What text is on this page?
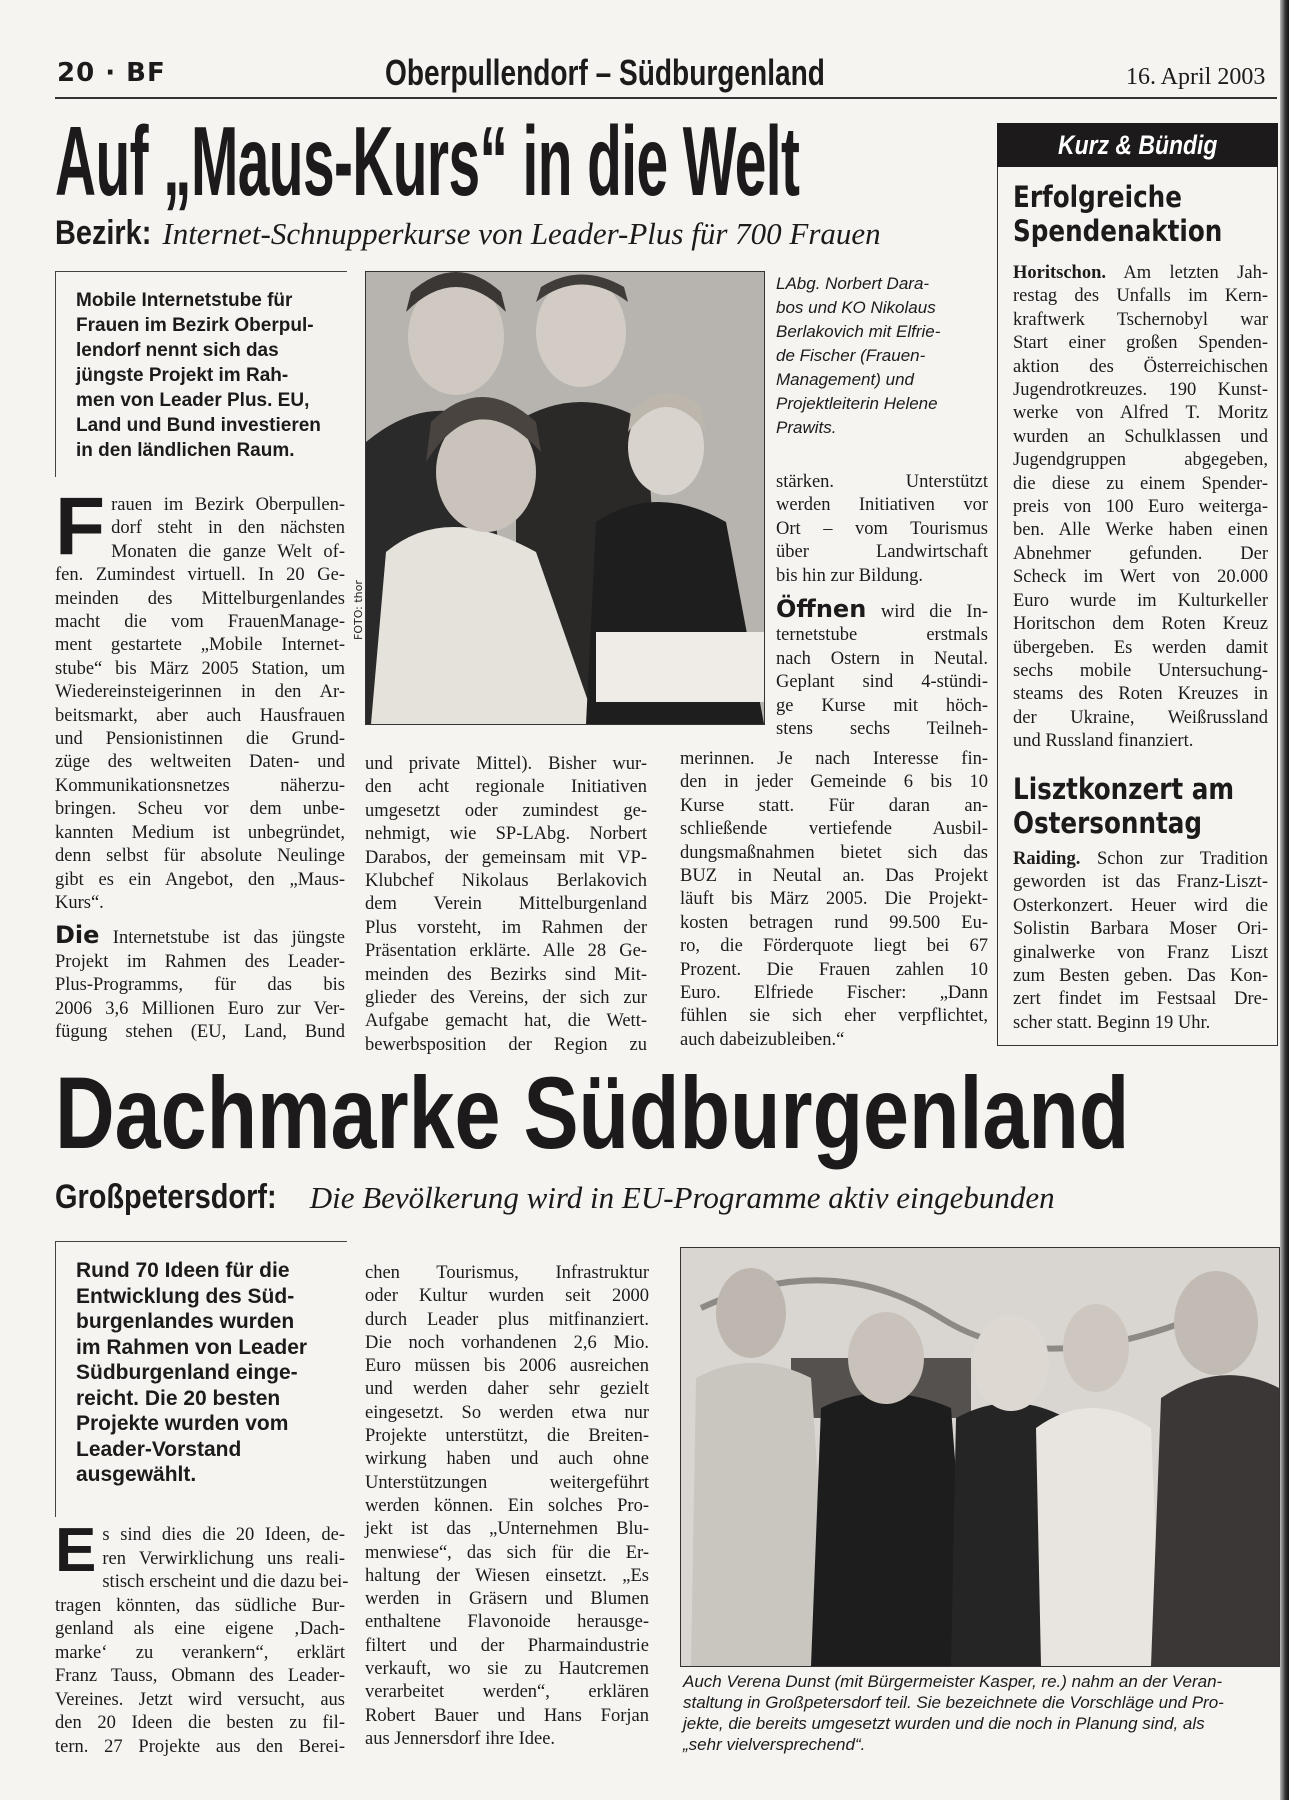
20 · BF	Oberpullendorf – Südburgenland	16. April 2003
Auf „Maus-Kurs“ in die Welt
Bezirk: Internet-Schnupperkurse von Leader-Plus für 700 Frauen
Mobile Internetstube für
Frauen im Bezirk Oberpul-
lendorf nennt sich das
jüngste Projekt im Rah-
men von Leader Plus. EU,
Land und Bund investieren
in den ländlichen Raum.
F rauen im Bezirk Oberpullen-
dorf steht in den nächsten
Monaten die ganze Welt of-
fen. Zumindest virtuell. In 20 Ge-
meinden des Mittelburgenlandes
macht die vom FrauenManage-
ment gestartete „Mobile Internet-
stube“ bis März 2005 Station, um
Wiedereinsteigerinnen in den Ar-
beitsmarkt, aber auch Hausfrauen
und Pensionistinnen die Grund-
züge des weltweiten Daten- und
Kommunikationsnetzes näherzu-
bringen. Scheu vor dem unbe-
kannten Medium ist unbegründet,
denn selbst für absolute Neulinge
gibt es ein Angebot, den „Maus-
Kurs“.
Die Internetstube ist das jüngste
Projekt im Rahmen des Leader-
Plus-Programms, für das bis
2006 3,6 Millionen Euro zur Ver-
fügung stehen (EU, Land, Bund
FOTO: thor
LAbg. Norbert Dara-
bos und KO Nikolaus
Berlakovich mit Elfrie-
de Fischer (Frauen-
Management) und
Projektleiterin Helene
Prawits.
und private Mittel). Bisher wur-
den acht regionale Initiativen
umgesetzt oder zumindest ge-
nehmigt, wie SP-LAbg. Norbert
Darabos, der gemeinsam mit VP-
Klubchef Nikolaus Berlakovich
dem Verein Mittelburgenland
Plus vorsteht, im Rahmen der
Präsentation erklärte. Alle 28 Ge-
meinden des Bezirks sind Mit-
glieder des Vereins, der sich zur
Aufgabe gemacht hat, die Wett-
bewerbsposition der Region zu
stärken. Unterstützt
werden Initiativen vor
Ort – vom Tourismus
über Landwirtschaft
bis hin zur Bildung.
Öffnen wird die In-
ternetstube erstmals
nach Ostern in Neutal.
Geplant sind 4-stündi-
ge Kurse mit höch-
stens sechs Teilneh-
merinnen. Je nach Interesse fin-
den in jeder Gemeinde 6 bis 10
Kurse statt. Für daran an-
schließende vertiefende Ausbil-
dungsmaßnahmen bietet sich das
BUZ in Neutal an. Das Projekt
läuft bis März 2005. Die Projekt-
kosten betragen rund 99.500 Eu-
ro, die Förderquote liegt bei 67
Prozent. Die Frauen zahlen 10
Euro. Elfriede Fischer: „Dann
fühlen sie sich eher verpflichtet,
auch dabeizubleiben.“
Kurz & Bündig
Erfolgreiche
Spendenaktion
Horitschon. Am letzten Jah-
restag des Unfalls im Kern-
kraftwerk Tschernobyl war
Start einer großen Spenden-
aktion des Österreichischen
Jugendrotkreuzes. 190 Kunst-
werke von Alfred T. Moritz
wurden an Schulklassen und
Jugendgruppen abgegeben,
die diese zu einem Spender-
preis von 100 Euro weiterga-
ben. Alle Werke haben einen
Abnehmer gefunden. Der
Scheck im Wert von 20.000
Euro wurde im Kulturkeller
Horitschon dem Roten Kreuz
übergeben. Es werden damit
sechs mobile Untersuchung-
steams des Roten Kreuzes in
der Ukraine, Weißrussland
und Russland finanziert.
Lisztkonzert am
Ostersonntag
Raiding. Schon zur Tradition
geworden ist das Franz-Liszt-
Osterkonzert. Heuer wird die
Solistin Barbara Moser Ori-
ginalwerke von Franz Liszt
zum Besten geben. Das Kon-
zert findet im Festsaal Dre-
scher statt. Beginn 19 Uhr.
Dachmarke Südburgenland
Großpetersdorf: Die Bevölkerung wird in EU-Programme aktiv eingebunden
Rund 70 Ideen für die
Entwicklung des Süd-
burgenlandes wurden
im Rahmen von Leader
Südburgenland einge-
reicht. Die 20 besten
Projekte wurden vom
Leader-Vorstand
ausgewählt.
E s sind dies die 20 Ideen, de-
ren Verwirklichung uns reali-
stisch erscheint und die dazu bei-
tragen könnten, das südliche Bur-
genland als eine eigene ‚Dach-
marke‘ zu verankern“, erklärt
Franz Tauss, Obmann des Leader-
Vereines. Jetzt wird versucht, aus
den 20 Ideen die besten zu fil-
tern. 27 Projekte aus den Berei-
chen Tourismus, Infrastruktur
oder Kultur wurden seit 2000
durch Leader plus mitfinanziert.
Die noch vorhandenen 2,6 Mio.
Euro müssen bis 2006 ausreichen
und werden daher sehr gezielt
eingesetzt. So werden etwa nur
Projekte unterstützt, die Breiten-
wirkung haben und auch ohne
Unterstützungen weitergeführt
werden können. Ein solches Pro-
jekt ist das „Unternehmen Blu-
menwiese“, das sich für die Er-
haltung der Wiesen einsetzt. „Es
werden in Gräsern und Blumen
enthaltene Flavonoide herausge-
filtert und der Pharmaindustrie
verkauft, wo sie zu Hautcremen
verarbeitet werden“, erklären
Robert Bauer und Hans Forjan
aus Jennersdorf ihre Idee.
Auch Verena Dunst (mit Bürgermeister Kasper, re.) nahm an der Veran-
staltung in Großpetersdorf teil. Sie bezeichnete die Vorschläge und Pro-
jekte, die bereits umgesetzt wurden und die noch in Planung sind, als
„sehr vielversprechend“.
